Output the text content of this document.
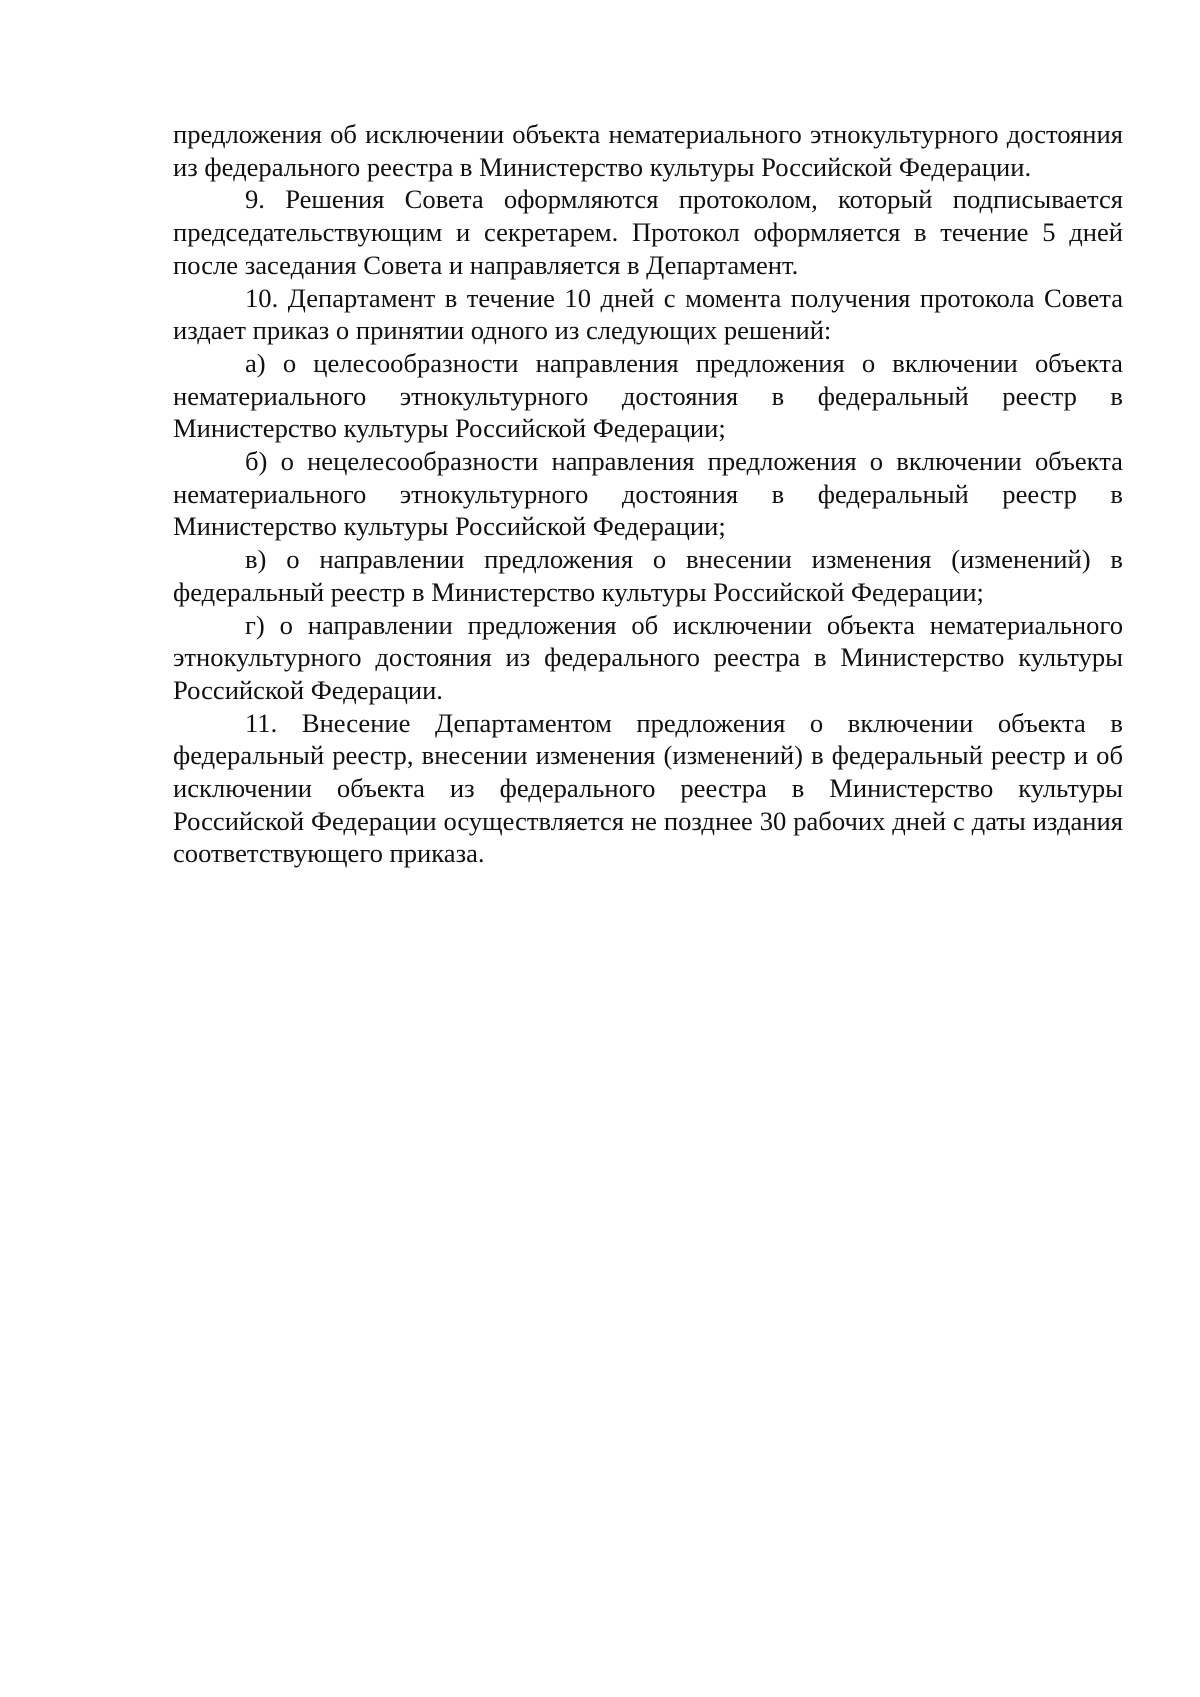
предложения об исключении объекта нематериального этнокультурного достояния из федерального реестра в Министерство культуры Российской Федерации.

9. Решения Совета оформляются протоколом, который подписывается председательствующим и секретарем. Протокол оформляется в течение 5 дней после заседания Совета и направляется в Департамент.

10. Департамент в течение 10 дней с момента получения протокола Совета издает приказ о принятии одного из следующих решений:

а) о целесообразности направления предложения о включении объекта нематериального этнокультурного достояния в федеральный реестр в Министерство культуры Российской Федерации;

б) о нецелесообразности направления предложения о включении объекта нематериального этнокультурного достояния в федеральный реестр в Министерство культуры Российской Федерации;

в) о направлении предложения о внесении изменения (изменений) в федеральный реестр в Министерство культуры Российской Федерации;

г) о направлении предложения об исключении объекта нематериального этнокультурного достояния из федерального реестра в Министерство культуры Российской Федерации.

11. Внесение Департаментом предложения о включении объекта в федеральный реестр, внесении изменения (изменений) в федеральный реестр и об исключении объекта из федерального реестра в Министерство культуры Российской Федерации осуществляется не позднее 30 рабочих дней с даты издания соответствующего приказа.
